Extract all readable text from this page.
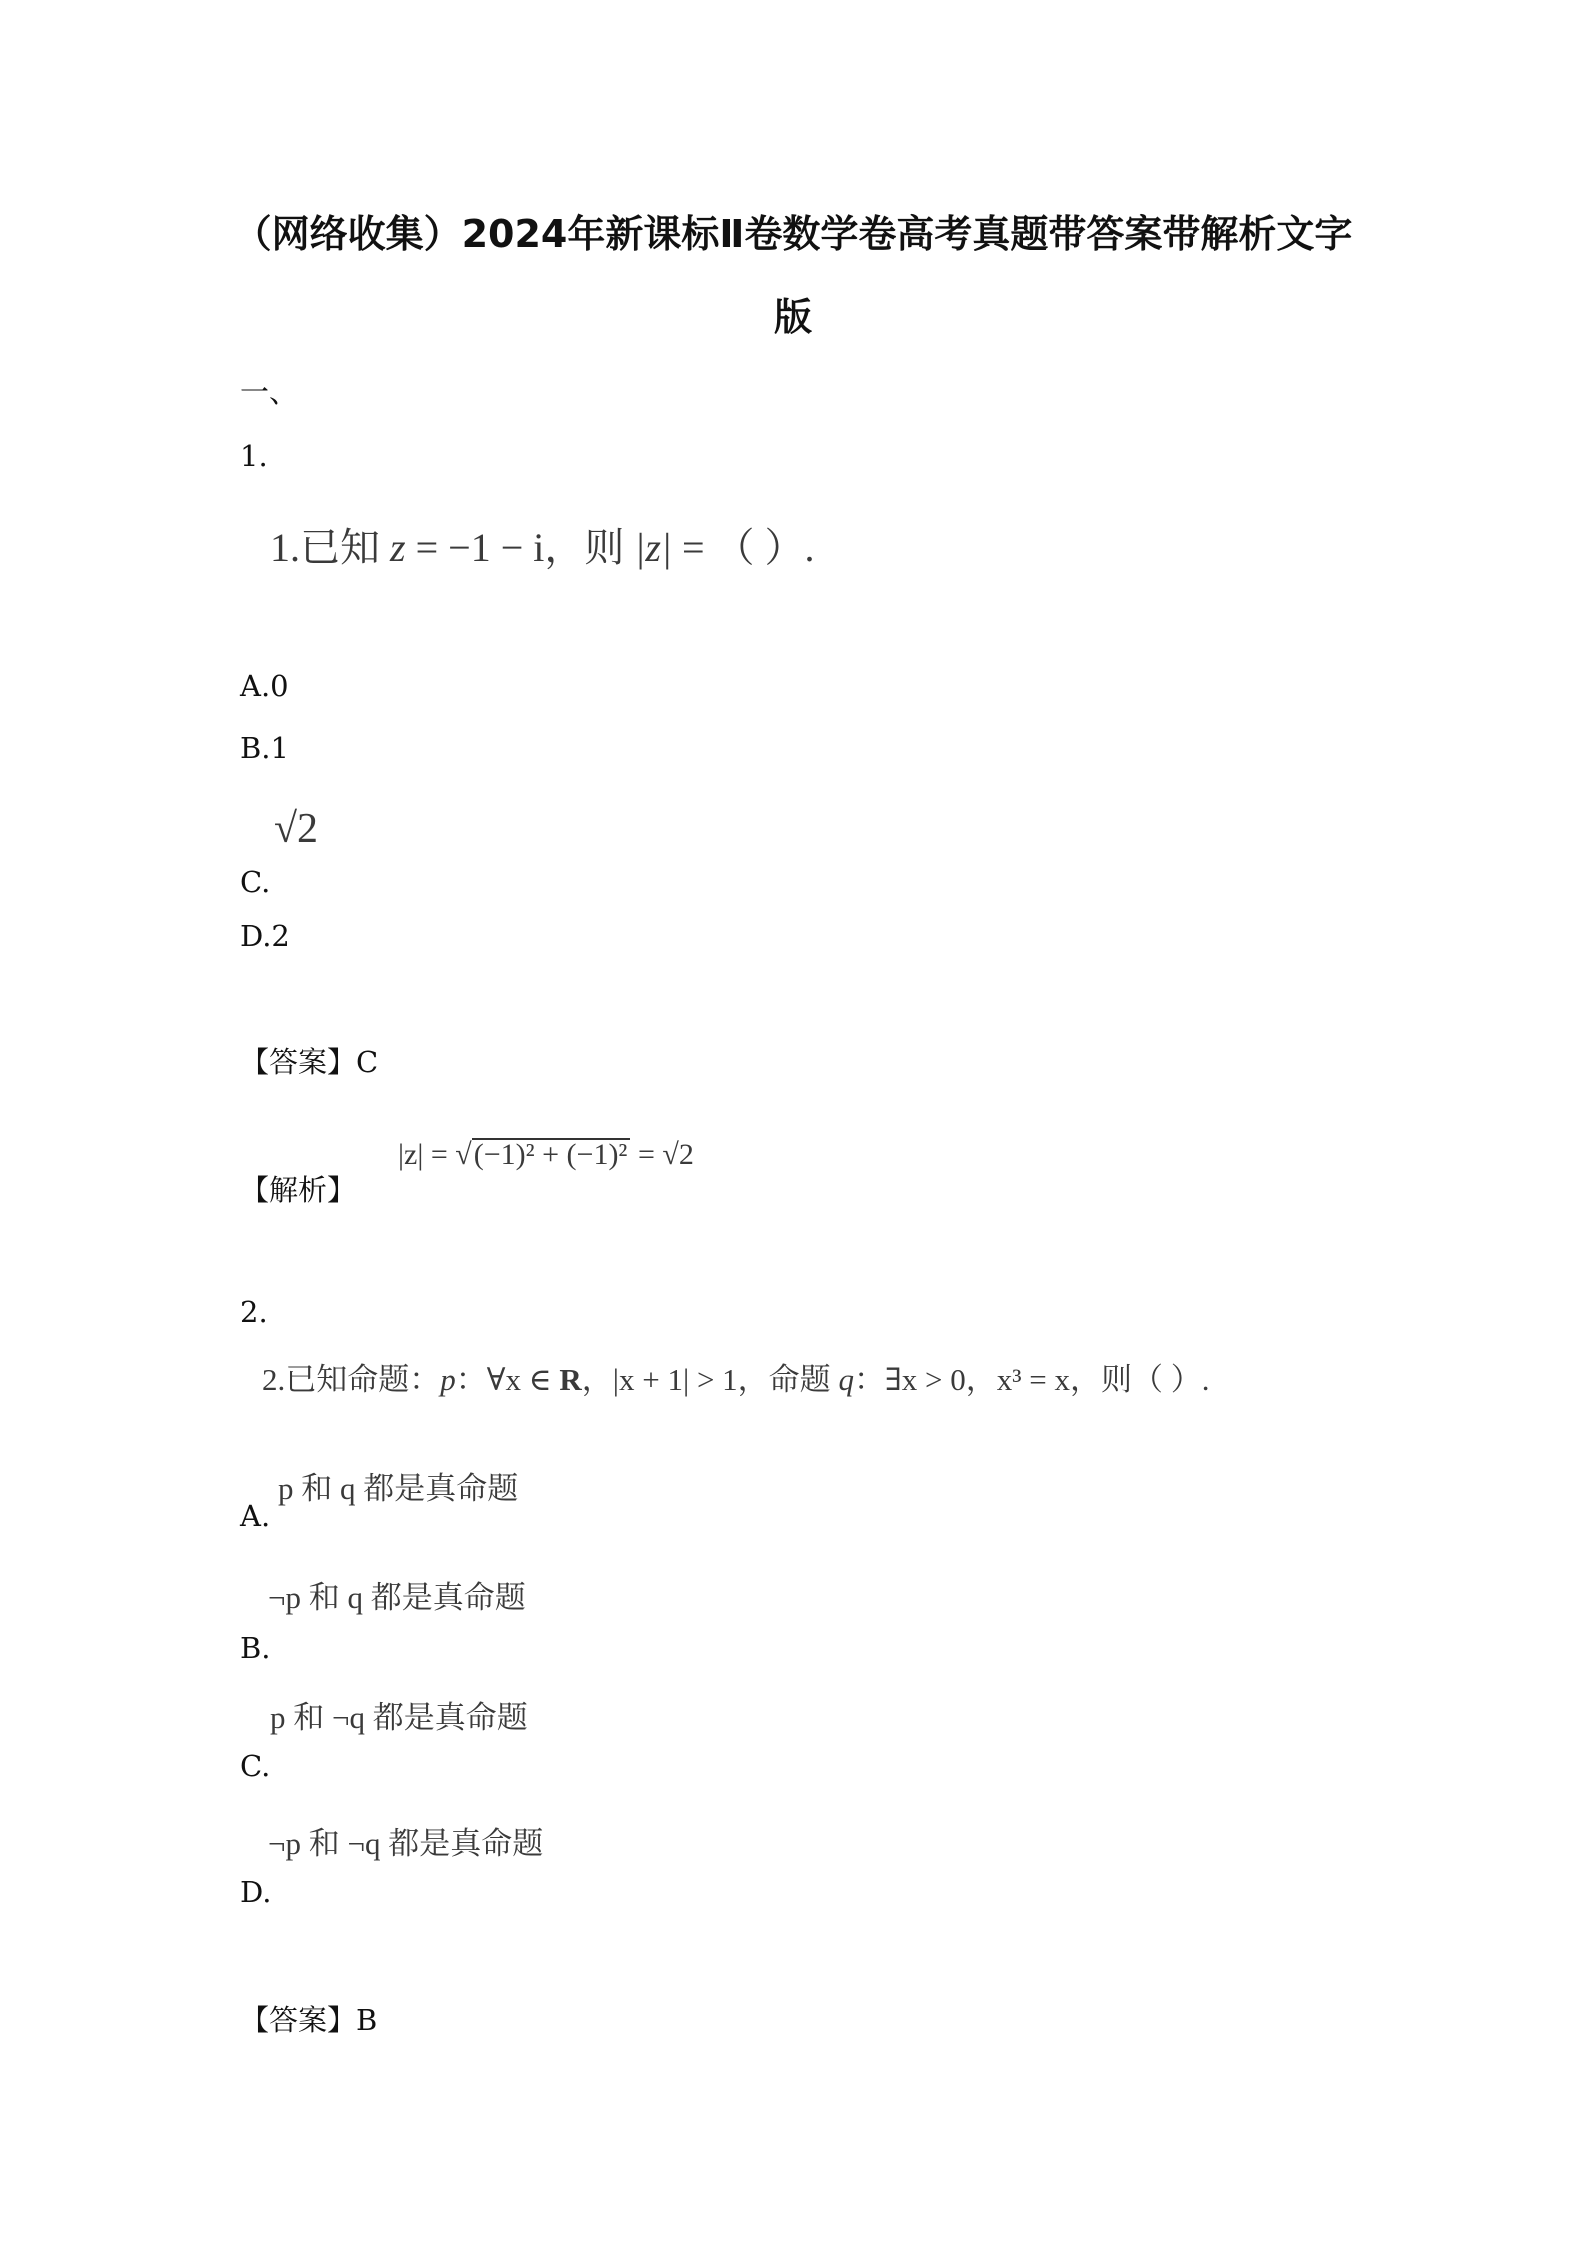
（网络收集）2024年新课标Ⅱ卷数学卷高考真题带答案带解析文字
版
一、
1.
1.已知 z = −1 − i，则 |z| = （ ）.
A.0
B.1
√2
C.
D.2
【答案】C
|z| = √(−1)² + (−1)² = √2
【解析】
2.
2.已知命题：p：∀x ∈ R，|x + 1| > 1，命题 q：∃x > 0，x³ = x，则（ ）.
p 和 q 都是真命题
A.
¬p 和 q 都是真命题
B.
p 和 ¬q 都是真命题
C.
¬p 和 ¬q 都是真命题
D.
【答案】B
